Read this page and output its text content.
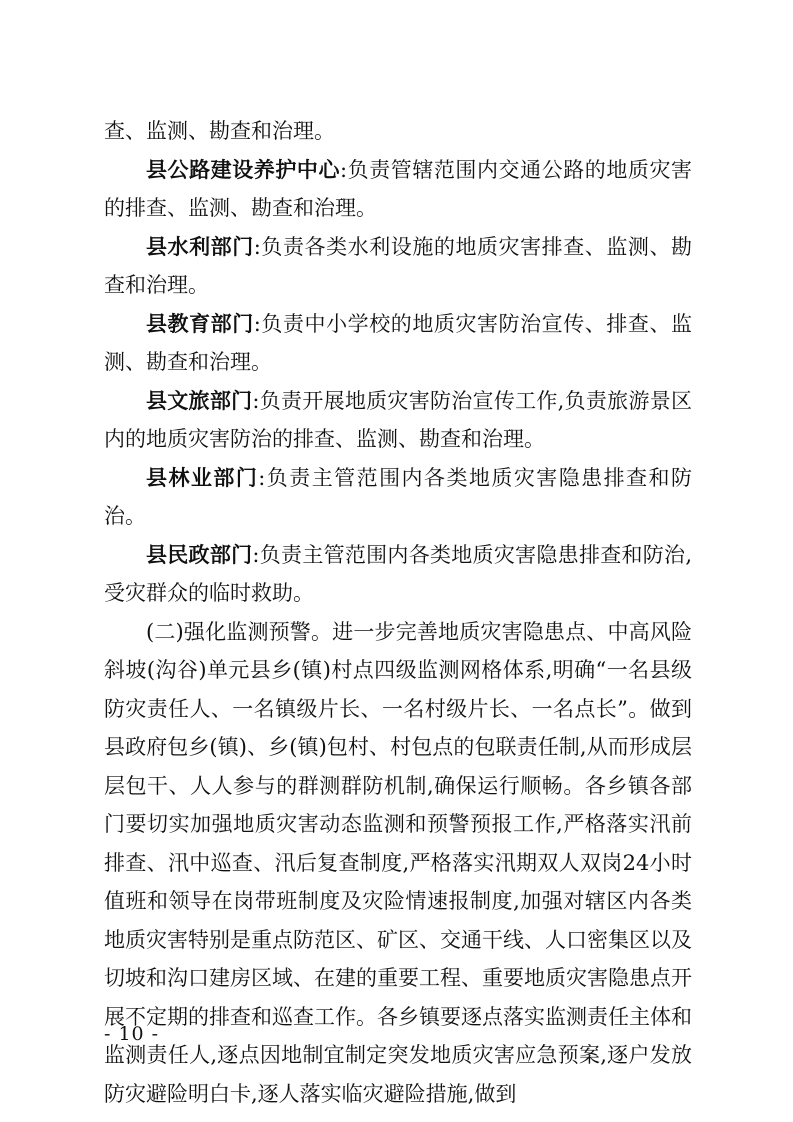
查、监测、勘查和治理。

县公路建设养护中心:负责管辖范围内交通公路的地质灾害的排查、监测、勘查和治理。

县水利部门:负责各类水利设施的地质灾害排查、监测、勘查和治理。

县教育部门:负责中小学校的地质灾害防治宣传、排查、监测、勘查和治理。

县文旅部门:负责开展地质灾害防治宣传工作,负责旅游景区内的地质灾害防治的排查、监测、勘查和治理。

县林业部门:负责主管范围内各类地质灾害隐患排查和防治。

县民政部门:负责主管范围内各类地质灾害隐患排查和防治,受灾群众的临时救助。

(二)强化监测预警。进一步完善地质灾害隐患点、中高风险斜坡(沟谷)单元县乡(镇)村点四级监测网格体系,明确“一名县级防灾责任人、一名镇级片长、一名村级片长、一名点长”。做到县政府包乡(镇)、乡(镇)包村、村包点的包联责任制,从而形成层层包干、人人参与的群测群防机制,确保运行顺畅。各乡镇各部门要切实加强地质灾害动态监测和预警预报工作,严格落实汛前排查、汛中巡查、汛后复查制度,严格落实汛期双人双岗24小时值班和领导在岗带班制度及灾险情速报制度,加强对辖区内各类地质灾害特别是重点防范区、矿区、交通干线、人口密集区以及切坡和沟口建房区域、在建的重要工程、重要地质灾害隐患点开展不定期的排查和巡查工作。各乡镇要逐点落实监测责任主体和监测责任人,逐点因地制宜制定突发地质灾害应急预案,逐户发放防灾避险明白卡,逐人落实临灾避险措施,做到

- 10 -
